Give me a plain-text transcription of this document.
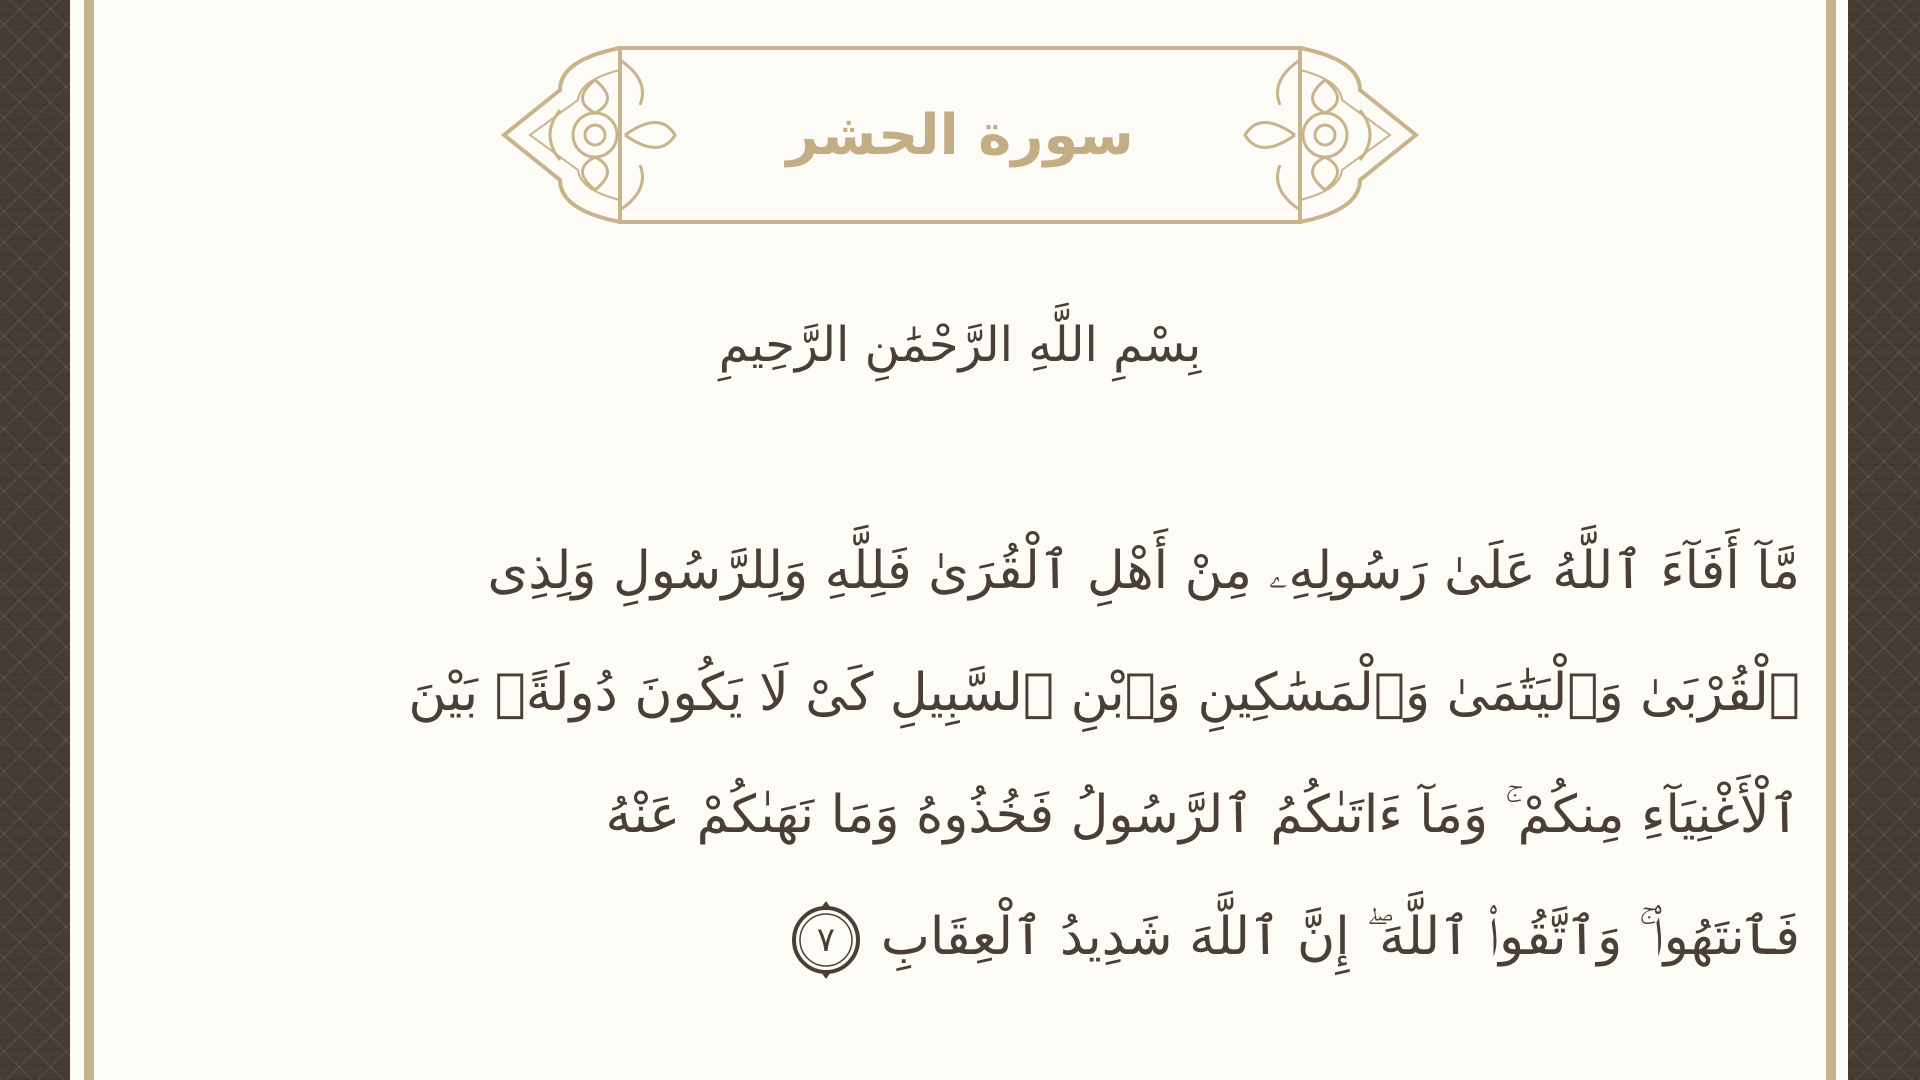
سورة الحشر
بِسْمِ اللَّهِ الرَّحْمَٰنِ الرَّحِيمِ
مَّآ أَفَآءَ ٱللَّهُ عَلَىٰ رَسُولِهِۦ مِنْ أَهْلِ ٱلْقُرَىٰ فَلِلَّهِ وَلِلرَّسُولِ وَلِذِى
ٱلْقُرْبَىٰ وَٱلْيَتَٰمَىٰ وَٱلْمَسَٰكِينِ وَٱبْنِ ٱلسَّبِيلِ كَىْ لَا يَكُونَ دُولَةًۢ بَيْنَ
ٱلْأَغْنِيَآءِ مِنكُمْ ۚ وَمَآ ءَاتَىٰكُمُ ٱلرَّسُولُ فَخُذُوهُ وَمَا نَهَىٰكُمْ عَنْهُ
فَٱنتَهُوا۟ ۚ وَٱتَّقُوا۟ ٱللَّهَ ۖ إِنَّ ٱللَّهَ شَدِيدُ ٱلْعِقَابِ
٧
